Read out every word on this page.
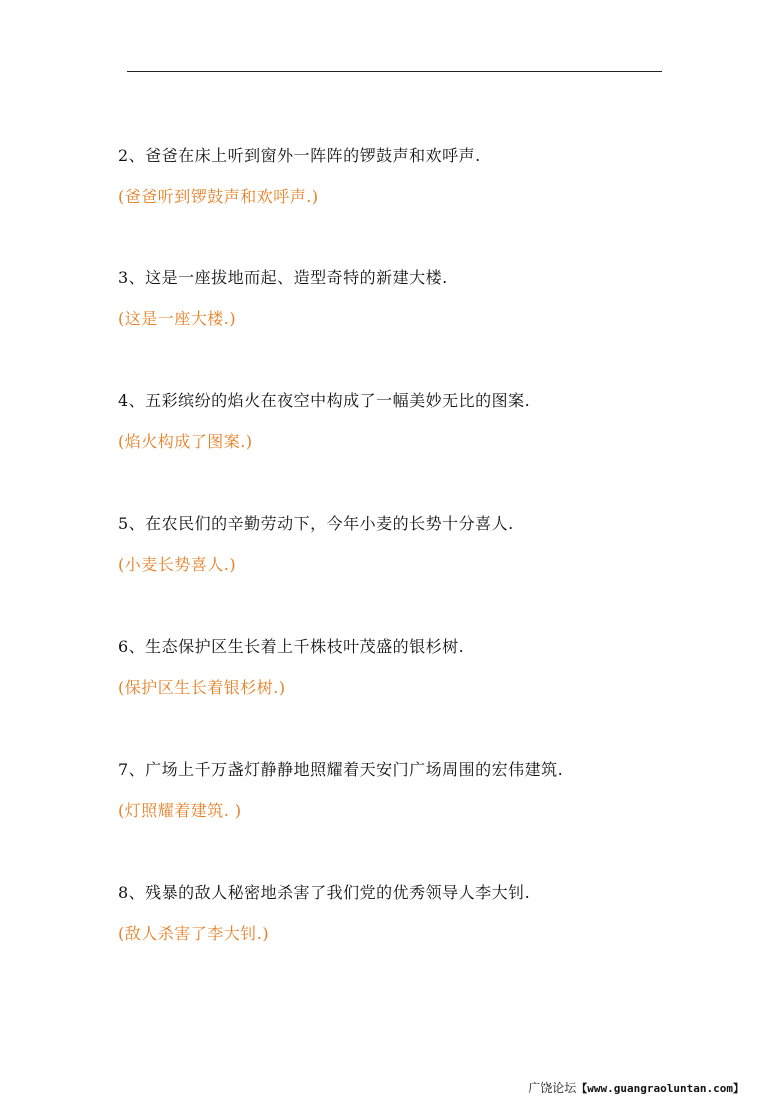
2、爸爸在床上听到窗外一阵阵的锣鼓声和欢呼声.
(爸爸听到锣鼓声和欢呼声.)
3、这是一座拔地而起、造型奇特的新建大楼.
(这是一座大楼.)
4、五彩缤纷的焰火在夜空中构成了一幅美妙无比的图案.
(焰火构成了图案.)
5、在农民们的辛勤劳动下，今年小麦的长势十分喜人.
(小麦长势喜人.)
6、生态保护区生长着上千株枝叶茂盛的银杉树.
(保护区生长着银杉树.)
7、广场上千万盏灯静静地照耀着天安门广场周围的宏伟建筑.
(灯照耀着建筑. )
8、残暴的敌人秘密地杀害了我们党的优秀领导人李大钊.
(敌人杀害了李大钊.)
广饶论坛【www.guangraoluntan.com】
